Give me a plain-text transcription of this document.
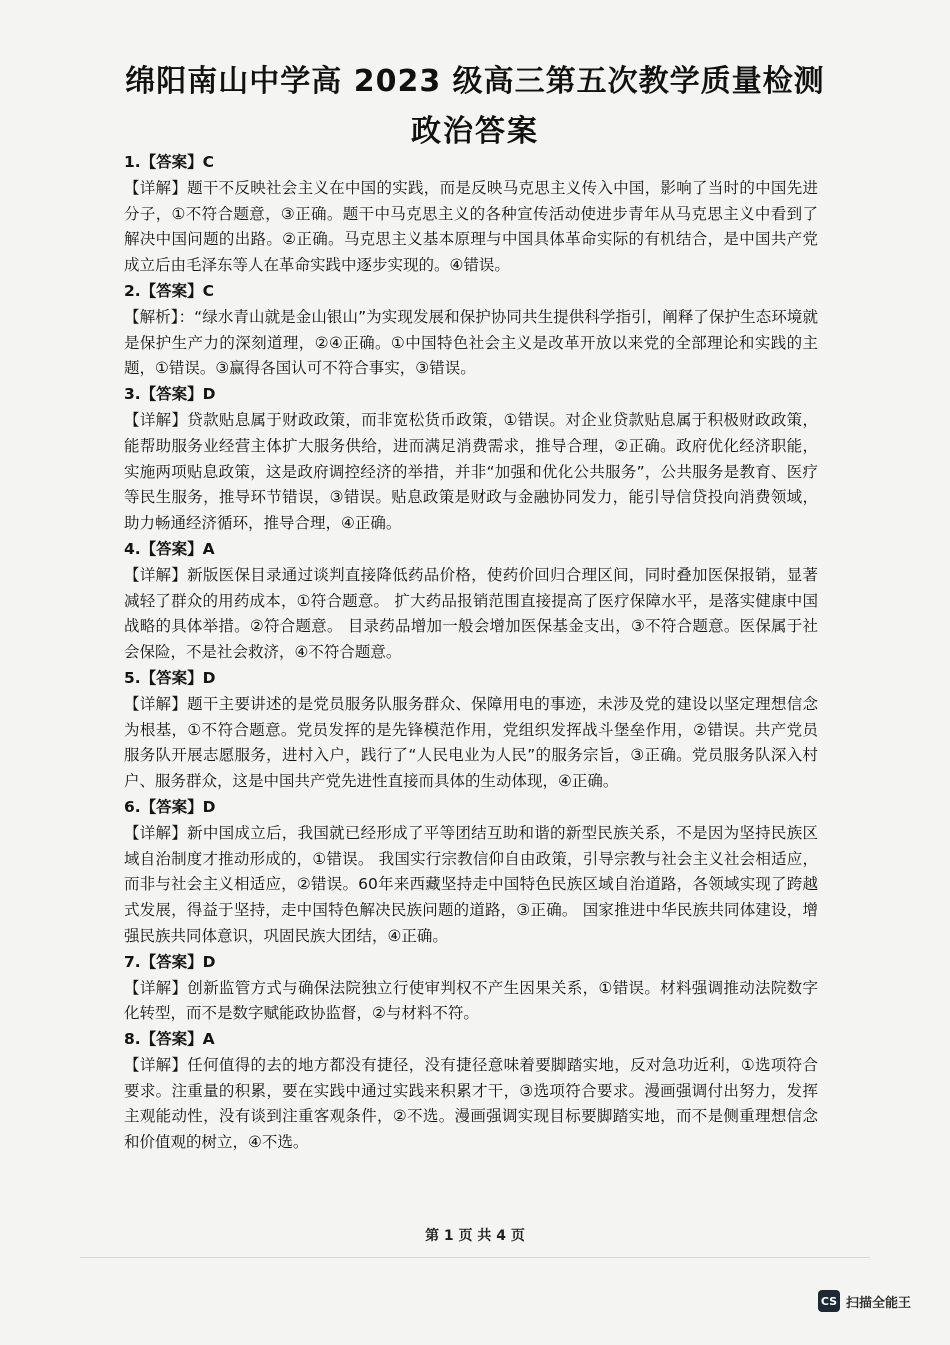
绵阳南山中学高 2023 级高三第五次教学质量检测
政治答案

1.【答案】C

【详解】题干不反映社会主义在中国的实践，而是反映马克思主义传入中国，影响了当时的中国先进分子，①不符合题意，③正确。题干中马克思主义的各种宣传活动使进步青年从马克思主义中看到了解决中国问题的出路。②正确。马克思主义基本原理与中国具体革命实际的有机结合，是中国共产党成立后由毛泽东等人在革命实践中逐步实现的。④错误。

2.【答案】C

【解析】：“绿水青山就是金山银山”为实现发展和保护协同共生提供科学指引，阐释了保护生态环境就是保护生产力的深刻道理，②④正确。①中国特色社会主义是改革开放以来党的全部理论和实践的主题，①错误。③赢得各国认可不符合事实，③错误。

3.【答案】D

【详解】贷款贴息属于财政政策，而非宽松货币政策，①错误。对企业贷款贴息属于积极财政政策，能帮助服务业经营主体扩大服务供给，进而满足消费需求，推导合理，②正确。政府优化经济职能，实施两项贴息政策，这是政府调控经济的举措，并非“加强和优化公共服务”，公共服务是教育、医疗等民生服务，推导环节错误，③错误。贴息政策是财政与金融协同发力，能引导信贷投向消费领域，助力畅通经济循环，推导合理，④正确。

4.【答案】A

【详解】新版医保目录通过谈判直接降低药品价格，使药价回归合理区间，同时叠加医保报销，显著减轻了群众的用药成本，①符合题意。 扩大药品报销范围直接提高了医疗保障水平，是落实健康中国战略的具体举措。②符合题意。 目录药品增加一般会增加医保基金支出，③不符合题意。医保属于社会保险，不是社会救济，④不符合题意。

5.【答案】D

【详解】题干主要讲述的是党员服务队服务群众、保障用电的事迹，未涉及党的建设以坚定理想信念为根基，①不符合题意。党员发挥的是先锋模范作用，党组织发挥战斗堡垒作用，②错误。共产党员服务队开展志愿服务，进村入户，践行了“人民电业为人民”的服务宗旨，③正确。党员服务队深入村户、服务群众，这是中国共产党先进性直接而具体的生动体现，④正确。

6.【答案】D

【详解】新中国成立后，我国就已经形成了平等团结互助和谐的新型民族关系，不是因为坚持民族区域自治制度才推动形成的，①错误。 我国实行宗教信仰自由政策，引导宗教与社会主义社会相适应，而非与社会主义相适应，②错误。60年来西藏坚持走中国特色民族区域自治道路，各领域实现了跨越式发展，得益于坚持，走中国特色解决民族问题的道路，③正确。 国家推进中华民族共同体建设，增强民族共同体意识，巩固民族大团结，④正确。

7.【答案】D

【详解】创新监管方式与确保法院独立行使审判权不产生因果关系，①错误。材料强调推动法院数字化转型，而不是数字赋能政协监督，②与材料不符。

8.【答案】A

【详解】任何值得的去的地方都没有捷径，没有捷径意味着要脚踏实地，反对急功近利，①选项符合要求。注重量的积累，要在实践中通过实践来积累才干，③选项符合要求。漫画强调付出努力，发挥主观能动性，没有谈到注重客观条件，②不选。漫画强调实现目标要脚踏实地，而不是侧重理想信念和价值观的树立，④不选。

第 1 页 共 4 页
CS 扫描全能王
